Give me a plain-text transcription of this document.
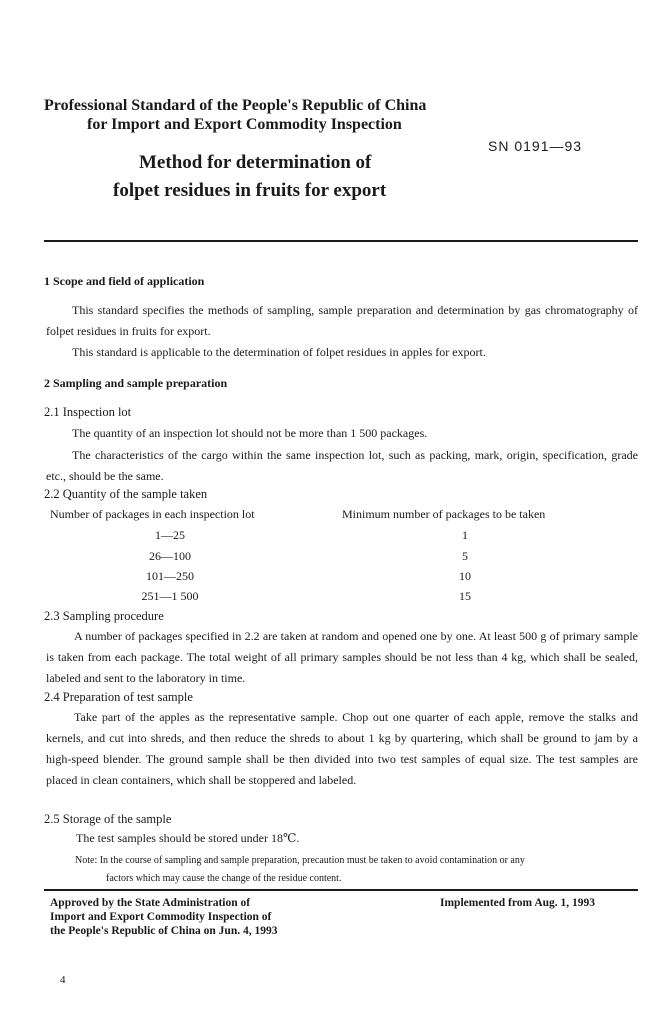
Professional Standard of the People's Republic of China
for Import and Export Commodity Inspection
SN 0191—93
Method for determination of
folpet residues in fruits for export
1 Scope and field of application
This standard specifies the methods of sampling, sample preparation and determination by gas chromatography of folpet residues in fruits for export.
This standard is applicable to the determination of folpet residues in apples for export.
2 Sampling and sample preparation
2.1 Inspection lot
The quantity of an inspection lot should not be more than 1 500 packages.
The characteristics of the cargo within the same inspection lot, such as packing, mark, origin, specification, grade etc., should be the same.
2.2 Quantity of the sample taken
Number of packages in each inspection lot	Minimum number of packages to be taken
1—25	1
26—100	5
101—250	10
251—1 500	15
2.3 Sampling procedure
A number of packages specified in 2.2 are taken at random and opened one by one. At least 500 g of primary sample is taken from each package. The total weight of all primary samples should be not less than 4 kg, which shall be sealed, labeled and sent to the laboratory in time.
2.4 Preparation of test sample
Take part of the apples as the representative sample. Chop out one quarter of each apple, remove the stalks and kernels, and cut into shreds, and then reduce the shreds to about 1 kg by quartering, which shall be ground to jam by a high-speed blender. The ground sample shall be then divided into two test samples of equal size. The test samples are placed in clean containers, which shall be stoppered and labeled.
2.5 Storage of the sample
The test samples should be stored under 18℃.
Note: In the course of sampling and sample preparation, precaution must be taken to avoid contamination or any
factors which may cause the change of the residue content.
Approved by the State Administration of
Import and Export Commodity Inspection of
the People's Republic of China on Jun. 4, 1993
Implemented from Aug. 1, 1993
4
